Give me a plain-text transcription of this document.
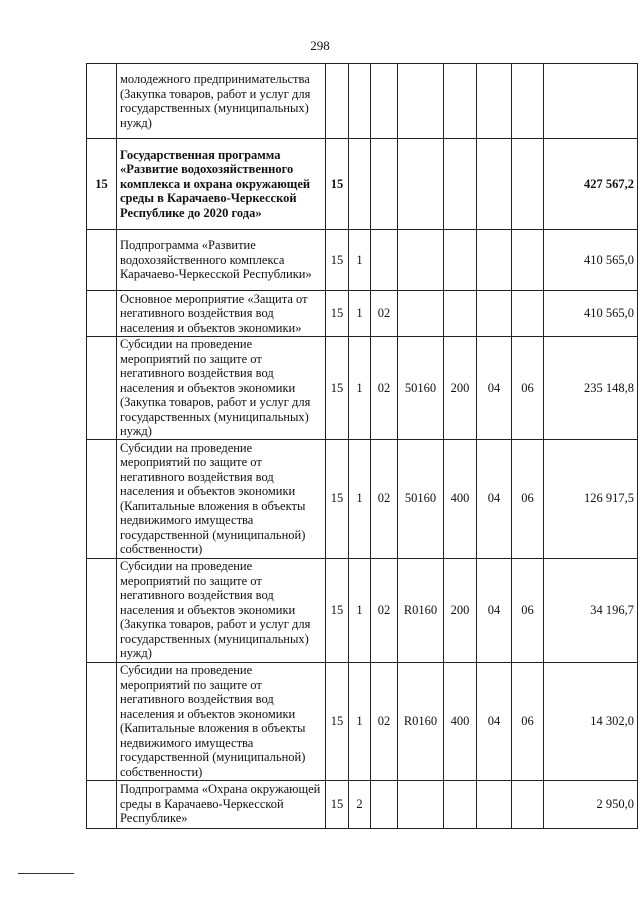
298
	молодежного предпринимательства (Закупка товаров, работ и услуг для государственных (муниципальных) нужд)								
15	Государственная программа «Развитие водохозяйственного комплекса и охрана окружающей среды в Карачаево-Черкесской Республике до 2020 года»	15							427 567,2
	Подпрограмма «Развитие водохозяйственного комплекса Карачаево-Черкесской Республики»	15	1						410 565,0
	Основное мероприятие «Защита от негативного воздействия вод населения и объектов экономики»	15	1	02					410 565,0
	Субсидии на проведение мероприятий по защите от негативного воздействия вод населения и объектов экономики (Закупка товаров, работ и услуг для государственных (муниципальных) нужд)	15	1	02	50160	200	04	06	235 148,8
	Субсидии на проведение мероприятий по защите от негативного воздействия вод населения и объектов экономики (Капитальные вложения в объекты недвижимого имущества государственной (муниципальной) собственности)	15	1	02	50160	400	04	06	126 917,5
	Субсидии на проведение мероприятий по защите от негативного воздействия вод населения и объектов экономики (Закупка товаров, работ и услуг для государственных (муниципальных) нужд)	15	1	02	R0160	200	04	06	34 196,7
	Субсидии на проведение мероприятий по защите от негативного воздействия вод населения и объектов экономики (Капитальные вложения в объекты недвижимого имущества государственной (муниципальной) собственности)	15	1	02	R0160	400	04	06	14 302,0
	Подпрограмма «Охрана окружающей среды в Карачаево-Черкесской Республике»	15	2						2 950,0
